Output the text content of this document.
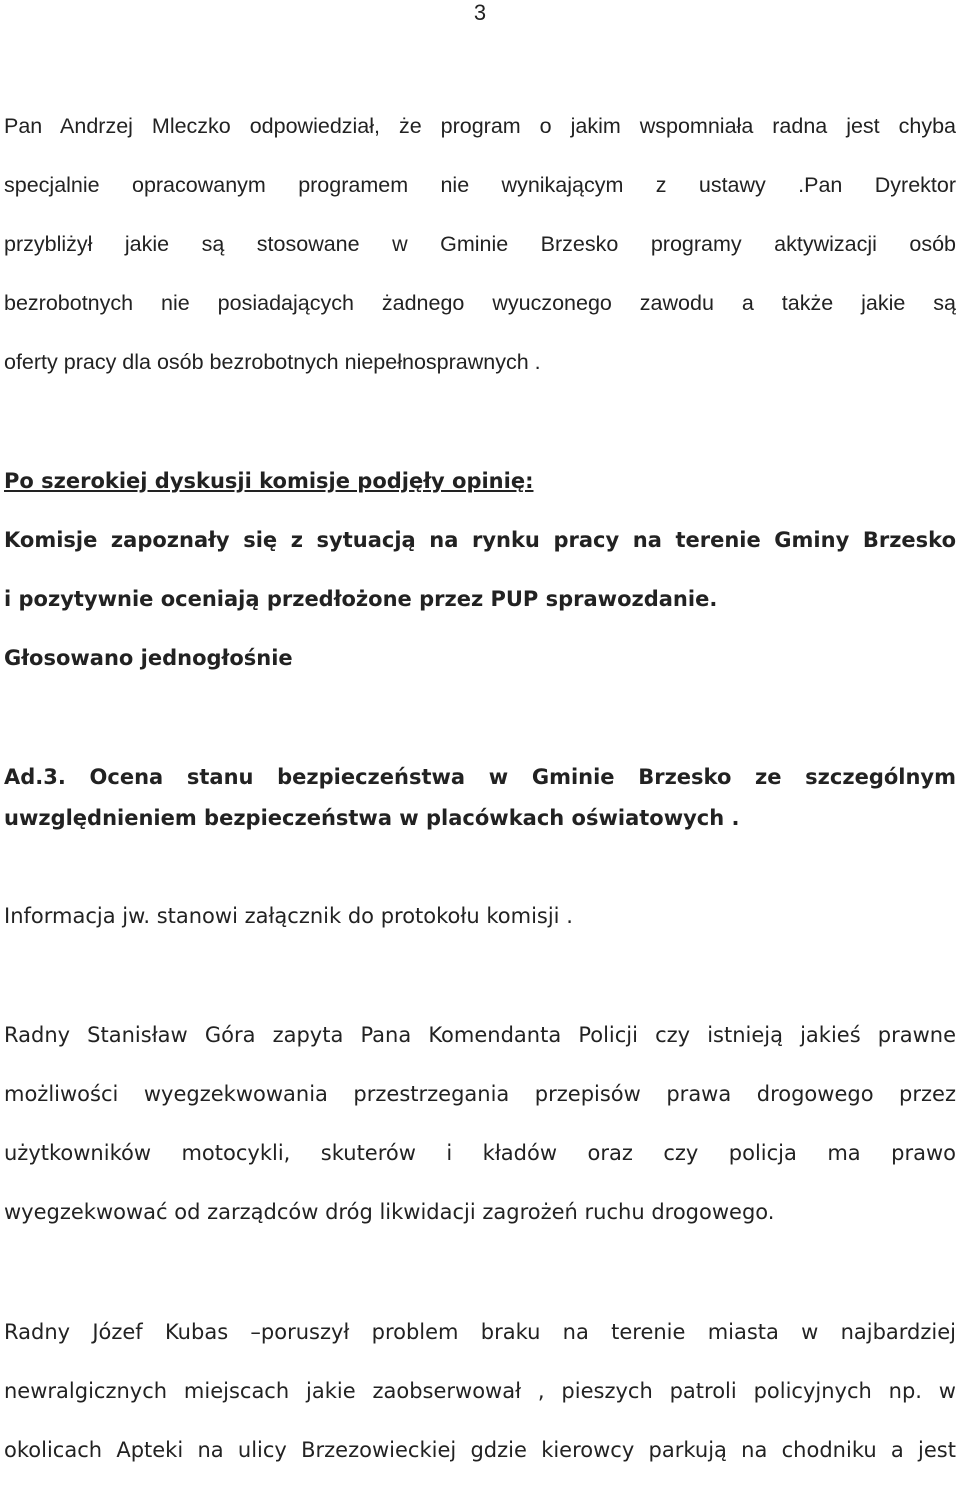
3
Pan Andrzej Mleczko odpowiedział, że program o jakim wspomniała radna jest chyba
specjalnie opracowanym programem nie wynikającym z ustawy .Pan Dyrektor
przybliżył jakie są stosowane w Gminie Brzesko programy aktywizacji osób
bezrobotnych nie posiadających żadnego wyuczonego zawodu a także jakie są
oferty pracy dla osób bezrobotnych niepełnosprawnych .
Po szerokiej dyskusji komisje podjęły opinię:
Komisje zapoznały się z sytuacją na rynku pracy na terenie Gminy Brzesko
i pozytywnie oceniają przedłożone przez PUP sprawozdanie.
Głosowano jednogłośnie
Ad.3. Ocena stanu bezpieczeństwa w Gminie Brzesko ze szczególnym
uwzględnieniem bezpieczeństwa w placówkach oświatowych .
Informacja jw. stanowi załącznik do protokołu komisji .
Radny Stanisław Góra zapyta Pana Komendanta Policji czy istnieją jakieś prawne
możliwości wyegzekwowania przestrzegania przepisów prawa drogowego przez
użytkowników motocykli, skuterów i kładów oraz czy policja ma prawo
wyegzekwować od zarządców dróg likwidacji zagrożeń ruchu drogowego.
Radny Józef Kubas –poruszył problem braku na terenie miasta w najbardziej
newralgicznych miejscach jakie zaobserwował , pieszych patroli policyjnych np. w
okolicach Apteki na ulicy Brzezowieckiej gdzie kierowcy parkują na chodniku a jest
